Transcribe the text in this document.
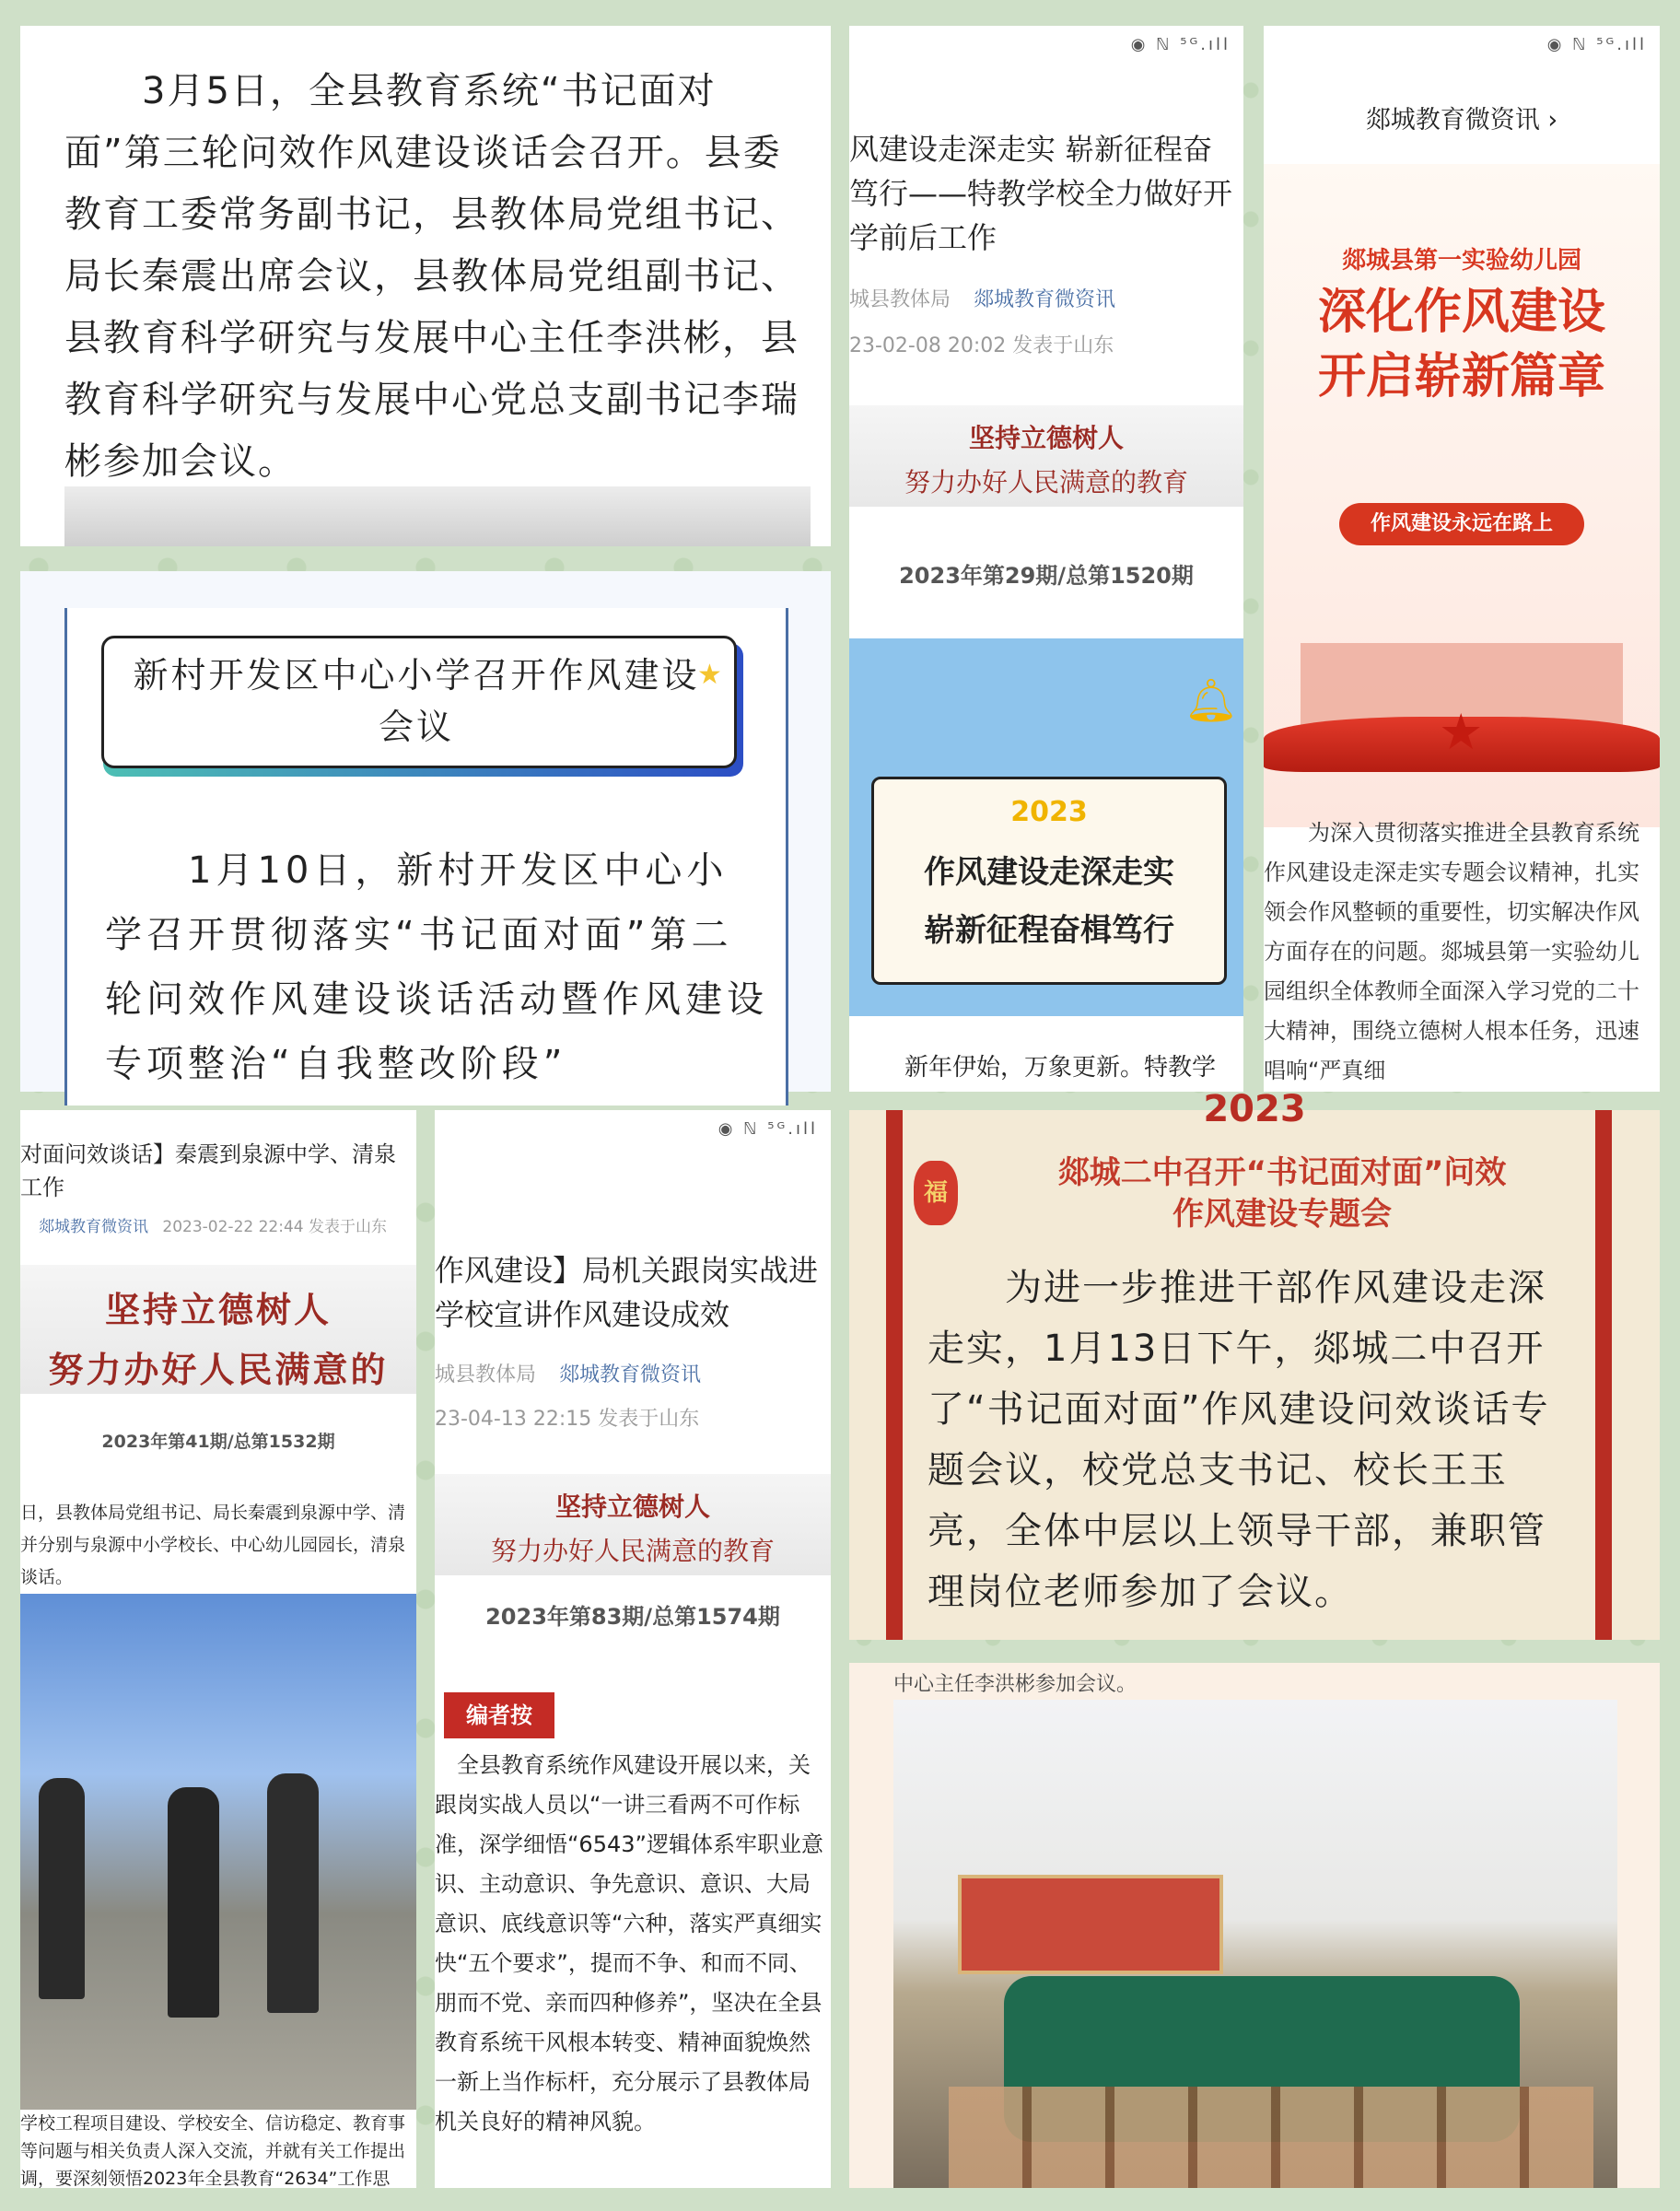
　　3月5日，全县教育系统“书记面对面”第三轮问效作风建设谈话会召开。县委教育工委常务副书记，县教体局党组书记、局长秦震出席会议，县教体局党组副书记、县教育科学研究与发展中心主任李洪彬，县教育科学研究与发展中心党总支副书记李瑞彬参加会议。

新村开发区中心小学召开作风建设会议
★

　　1月10日，新村开发区中心小学召开贯彻落实“书记面对面”第二轮问效作风建设谈话活动暨作风建设专项整治“自我整改阶段”

◉ ℕ ⁵ᴳ.ıll
风建设走深走实 崭新征程奋笃行——特教学校全力做好开学前后工作
城县教体局 郯城教育微资讯
23-02-08 20:02 发表于山东
坚持立德树人
努力办好人民满意的教育
2023年第29期/总第1520期
2023
作风建设走深走实
崭新征程奋楫笃行
🔔︎
新年伊始，万象更新。特教学
◉ ℕ ⁵ᴳ.ıll
郯城教育微资讯 ›
郯城县第一实验幼儿园
深化作风建设
开启崭新篇章
作风建设永远在路上
★

　　为深入贯彻落实推进全县教育系统作风建设走深走实专题会议精神，扎实领会作风整顿的重要性，切实解决作风方面存在的问题。郯城县第一实验幼儿园组织全体教师全面深入学习党的二十大精神，围绕立德树人根本任务，迅速唱响“严真细

对面问效谈话】秦震到泉源中学、清泉工作
郯城教育微资讯 2023-02-22 22:44 发表于山东
坚持立德树人
努力办好人民满意的
2023年第41期/总第1532期

日，县教体局党组书记、局长秦震到泉源中学、清并分别与泉源中小学校长、中心幼儿园园长，清泉谈话。

学校工程项目建设、学校安全、信访稳定、教育事等问题与相关负责人深入交流，并就有关工作提出调，要深刻领悟2023年全县教育“2634”工作思

◉ ℕ ⁵ᴳ.ıll
作风建设】局机关跟岗实战进学校宣讲作风建设成效
城县教体局 郯城教育微资讯
23-04-13 22:15 发表于山东
坚持立德树人
努力办好人民满意的教育
2023年第83期/总第1574期
编者按

　全县教育系统作风建设开展以来，关跟岗实战人员以“一讲三看两不可作标准，深学细悟“6543”逻辑体系牢职业意识、主动意识、争先意识、意识、大局意识、底线意识等“六种，落实严真细实快“五个要求”，提而不争、和而不同、朋而不党、亲而四种修养”，坚决在全县教育系统干风根本转变、精神面貌焕然一新上当作标杆，充分展示了县教体局机关良好的精神风貌。

2023
福
郯城二中召开“书记面对面”问效
作风建设专题会

　　为进一步推进干部作风建设走深走实，1月13日下午，郯城二中召开了“书记面对面”作风建设问效谈话专题会议，校党总支书记、校长王玉亮，全体中层以上领导干部，兼职管理岗位老师参加了会议。

中心主任李洪彬参加会议。
